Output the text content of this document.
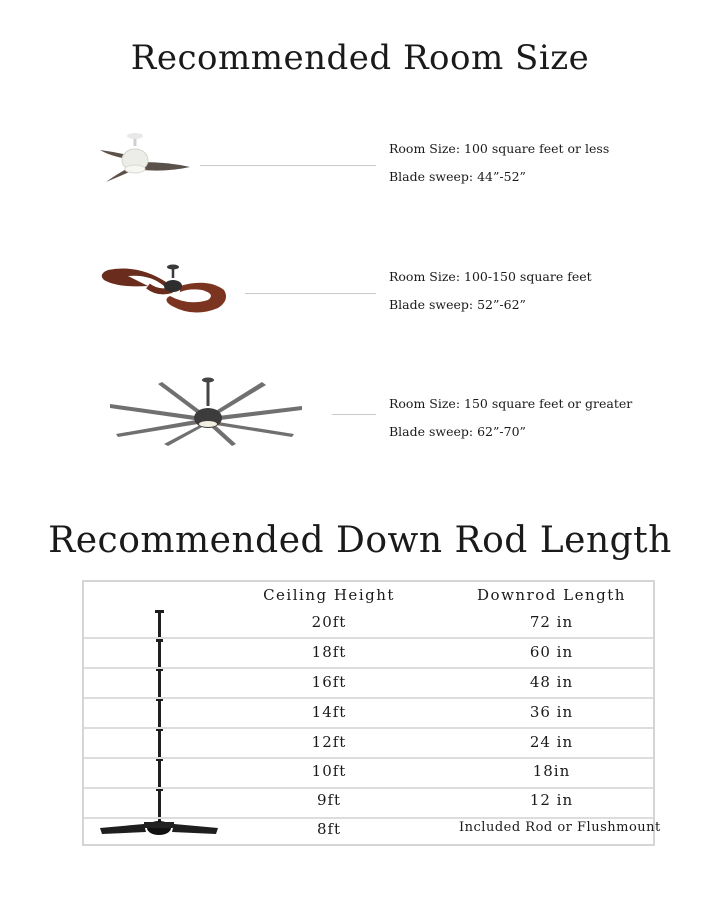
Recommended Room Size
Room Size: 100 square feet or less
Blade sweep: 44”-52”
Room Size: 100-150 square feet
Blade sweep: 52”-62”
Room Size: 150 square feet or greater
Blade sweep: 62”-70”
Recommended Down Rod Length
Ceiling Height	Downrod Length
20ft	72 in
18ft	60 in
16ft	48 in
14ft	36 in
12ft	24 in
10ft	18in
9ft	12 in
8ft	Included Rod or Flushmount
